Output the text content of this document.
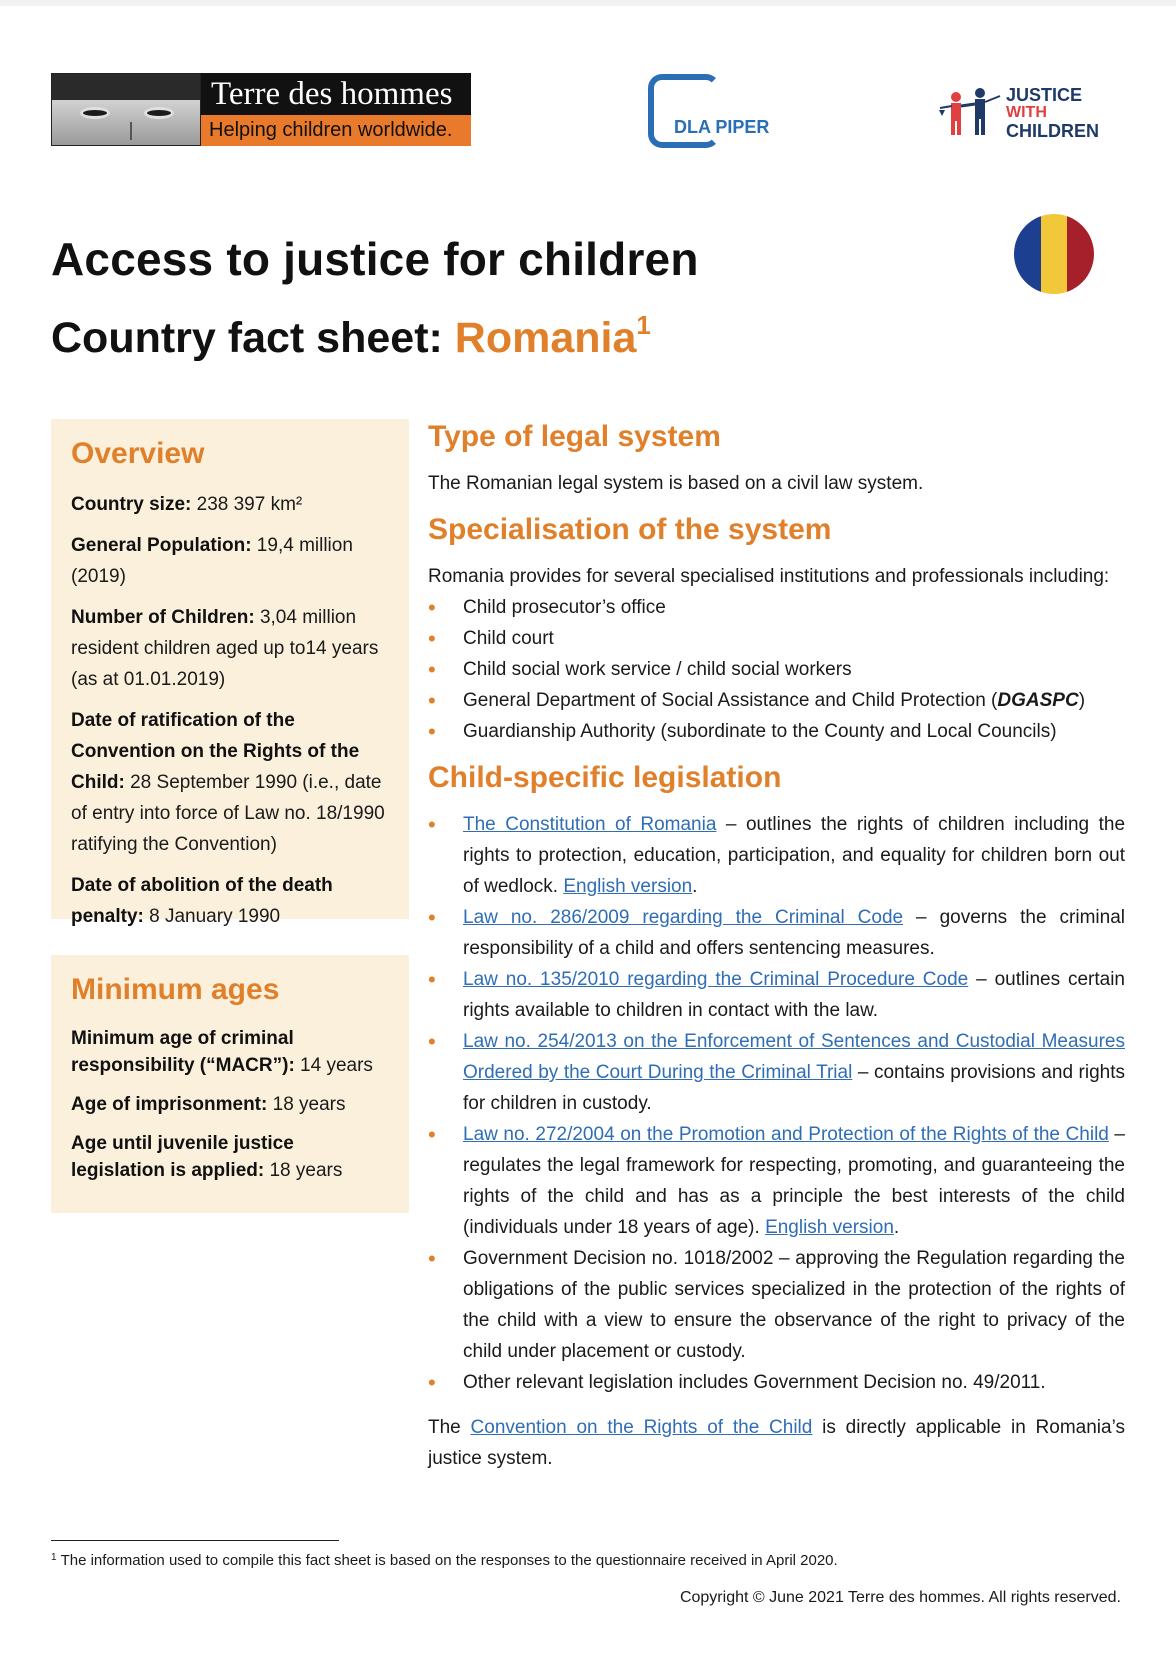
Terre des hommes
Helping children worldwide.	DLA PIPER
JUSTICE
WITH
CHILDREN
Access to justice for children
Country fact sheet: Romania$^1$
Overview
Country size: 238 397 km²
General Population: 19,4 million (2019)
Number of Children: 3,04 million resident children aged up to14 years (as at 01.01.2019)
Date of ratification of the Convention on the Rights of the Child: 28 September 1990 (i.e., date of entry into force of Law no. 18/1990 ratifying the Convention)
Date of abolition of the death penalty: 8 January 1990
Minimum ages
Minimum age of criminal responsibility (“MACR”): 14 years
Age of imprisonment: 18 years
Age until juvenile justice legislation is applied: 18 years
Type of legal system

The Romanian legal system is based on a civil law system.

Specialisation of the system

Romania provides for several specialised institutions and professionals including:

• Child prosecutor’s office
• Child court
• Child social work service / child social workers
• General Department of Social Assistance and Child Protection (DGASPC)
• Guardianship Authority (subordinate to the County and Local Councils)
Child-specific legislation
• The Constitution of Romania – outlines the rights of children including the rights to protection, education, participation, and equality for children born out of wedlock. English version.
• Law no. 286/2009 regarding the Criminal Code – governs the criminal responsibility of a child and offers sentencing measures.
• Law no. 135/2010 regarding the Criminal Procedure Code – outlines certain rights available to children in contact with the law.
• Law no. 254/2013 on the Enforcement of Sentences and Custodial Measures Ordered by the Court During the Criminal Trial – contains provisions and rights for children in custody.
• Law no. 272/2004 on the Promotion and Protection of the Rights of the Child – regulates the legal framework for respecting, promoting, and guaranteeing the rights of the child and has as a principle the best interests of the child (individuals under 18 years of age). English version.
• Government Decision no. 1018/2002 – approving the Regulation regarding the obligations of the public services specialized in the protection of the rights of the child with a view to ensure the observance of the right to privacy of the child under placement or custody.
• Other relevant legislation includes Government Decision no. 49/2011.

The Convention on the Rights of the Child is directly applicable in Romania’s justice system.

$^1$ The information used to compile this fact sheet is based on the responses to the questionnaire received in April 2020.
Copyright © June 2021 Terre des hommes. All rights reserved.
